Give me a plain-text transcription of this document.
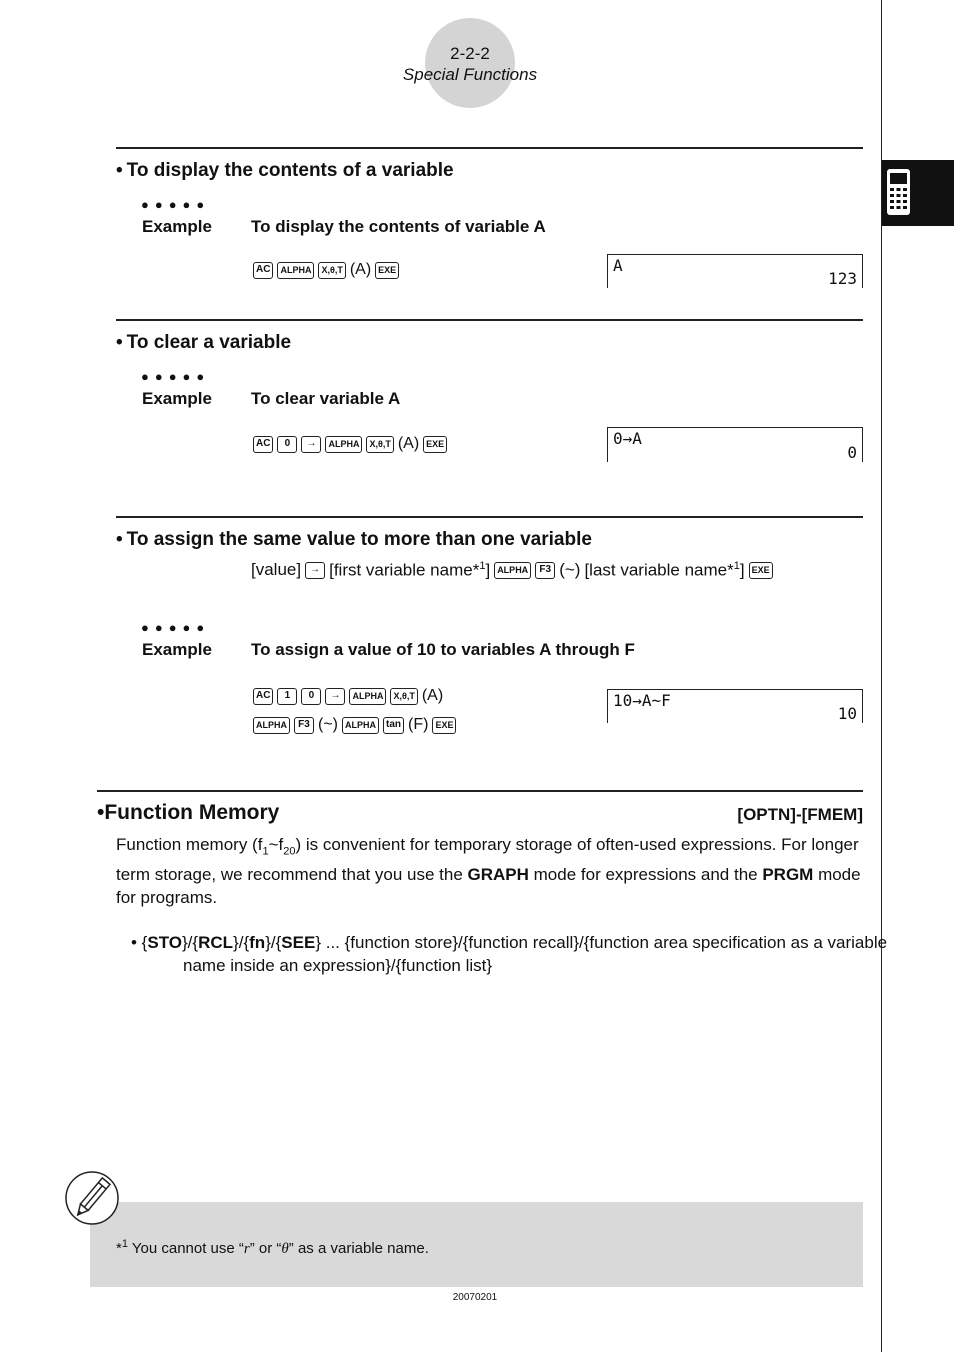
2-2-2
Special Functions
• To display the contents of a variable
●●●●●
Example To display the contents of variable A
AC	ALPHA	X,θ,T (A) EXE	A
123
• To clear a variable
●●●●●
Example To clear variable A
AC	0	→	ALPHA	X,θ,T (A) EXE	0→A
0
• To assign the same value to more than one variable
[value] → [first variable name*$^1$] ALPHA	F3 (~) [last variable name*$^1$] EXE
●●●●●
Example To assign a value of 10 to variables A through F
AC	1	0	→	ALPHA	X,θ,T (A)
ALPHA	F3 (~) ALPHA	tan (F) EXE
10→A~F
10
•Function Memory	[OPTN]-[FMEM]
Function memory $(f_1\sim f_{20})$ is convenient for temporary storage of often-used expressions. For longer term storage, we recommend that you use the GRAPH mode for expressions and the PRGM mode for programs.
• {STO}/{RCL}/{fn}/{SEE} ... {function store}/{function recall}/{function area specification as a variable name inside an expression}/{function list}
*$^1$ You cannot use “r” or “θ” as a variable name.
20070201
